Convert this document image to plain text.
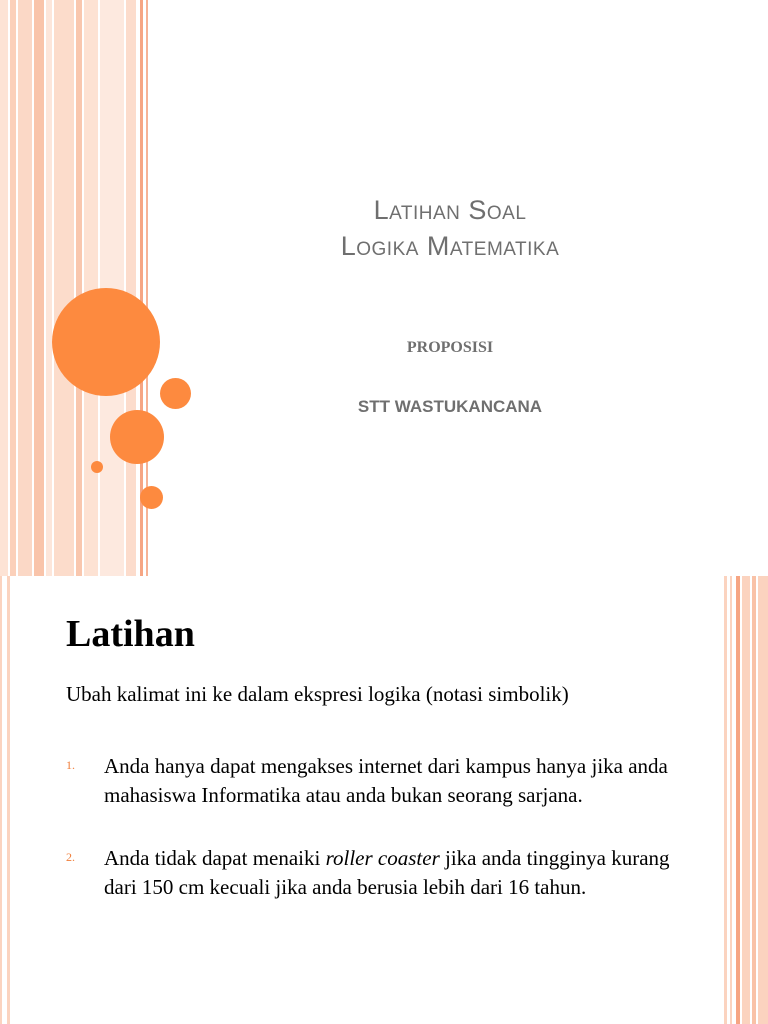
Latihan Soal
Logika Matematika
PROPOSISI
STT WASTUKANCANA
Latihan
Ubah kalimat ini ke dalam ekspresi logika (notasi simbolik)
1. Anda hanya dapat mengakses internet dari kampus hanya jika anda mahasiswa Informatika atau anda bukan seorang sarjana.
2. Anda tidak dapat menaiki roller coaster jika anda tingginya kurang dari 150 cm kecuali jika anda berusia lebih dari 16 tahun.
